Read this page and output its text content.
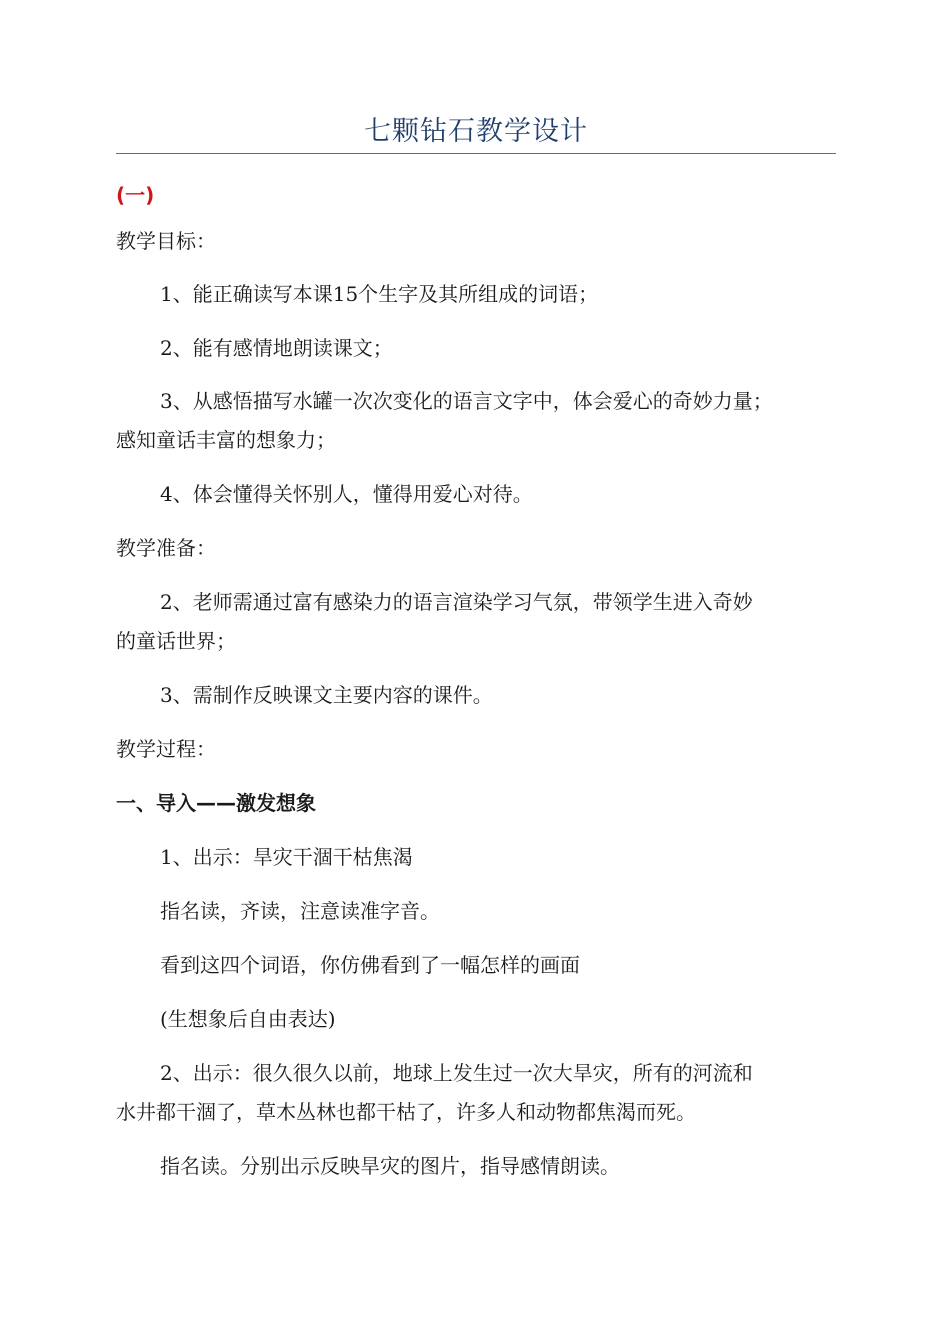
七颗钻石教学设计
(一)
教学目标：
1、能正确读写本课15个生字及其所组成的词语；
2、能有感情地朗读课文；
3、从感悟描写水罐一次次变化的语言文字中，体会爱心的奇妙力量；
感知童话丰富的想象力；
4、体会懂得关怀别人，懂得用爱心对待。
教学准备：
2、老师需通过富有感染力的语言渲染学习气氛，带领学生进入奇妙
的童话世界；
3、需制作反映课文主要内容的课件。
教学过程：
一、导入——激发想象
1、出示：旱灾干涸干枯焦渴
指名读，齐读，注意读准字音。
看到这四个词语，你仿佛看到了一幅怎样的画面
(生想象后自由表达)
2、出示：很久很久以前，地球上发生过一次大旱灾，所有的河流和
水井都干涸了，草木丛林也都干枯了，许多人和动物都焦渴而死。
指名读。分别出示反映旱灾的图片，指导感情朗读。
